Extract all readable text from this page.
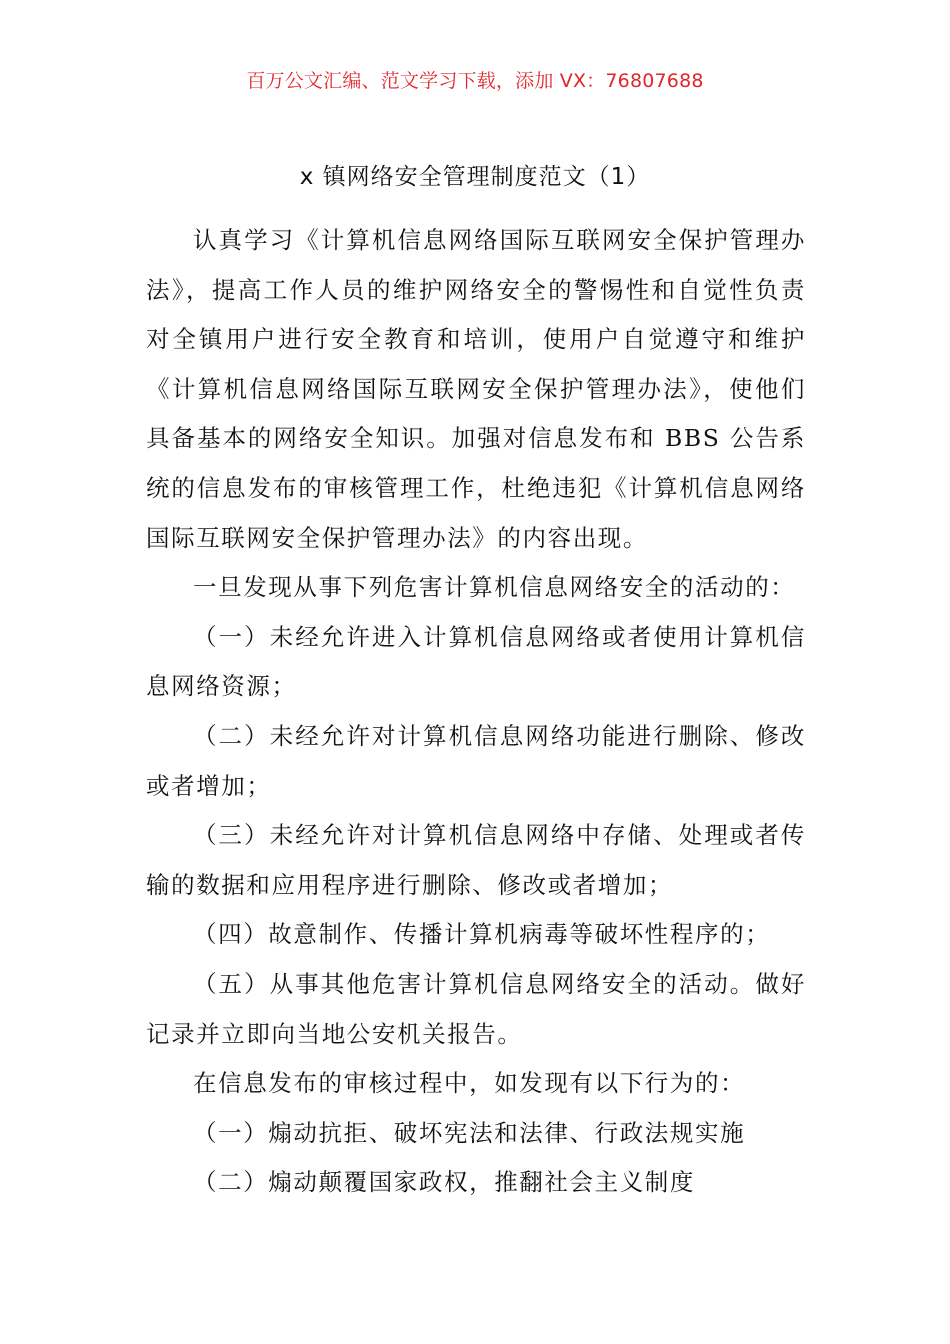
百万公文汇编、范文学习下载，添加 VX：76807688
x 镇网络安全管理制度范文（1）

认真学习《计算机信息网络国际互联网安全保护管理办法》，提高工作人员的维护网络安全的警惕性和自觉性负责对全镇用户进行安全教育和培训，使用户自觉遵守和维护《计算机信息网络国际互联网安全保护管理办法》，使他们具备基本的网络安全知识。加强对信息发布和 BBS 公告系统的信息发布的审核管理工作，杜绝违犯《计算机信息网络国际互联网安全保护管理办法》的内容出现。

一旦发现从事下列危害计算机信息网络安全的活动的：

（一）未经允许进入计算机信息网络或者使用计算机信息网络资源；

（二）未经允许对计算机信息网络功能进行删除、修改或者增加；

（三）未经允许对计算机信息网络中存储、处理或者传输的数据和应用程序进行删除、修改或者增加；

（四）故意制作、传播计算机病毒等破坏性程序的；

（五）从事其他危害计算机信息网络安全的活动。做好记录并立即向当地公安机关报告。

在信息发布的审核过程中，如发现有以下行为的：

（一）煽动抗拒、破坏宪法和法律、行政法规实施

（二）煽动颠覆国家政权，推翻社会主义制度
